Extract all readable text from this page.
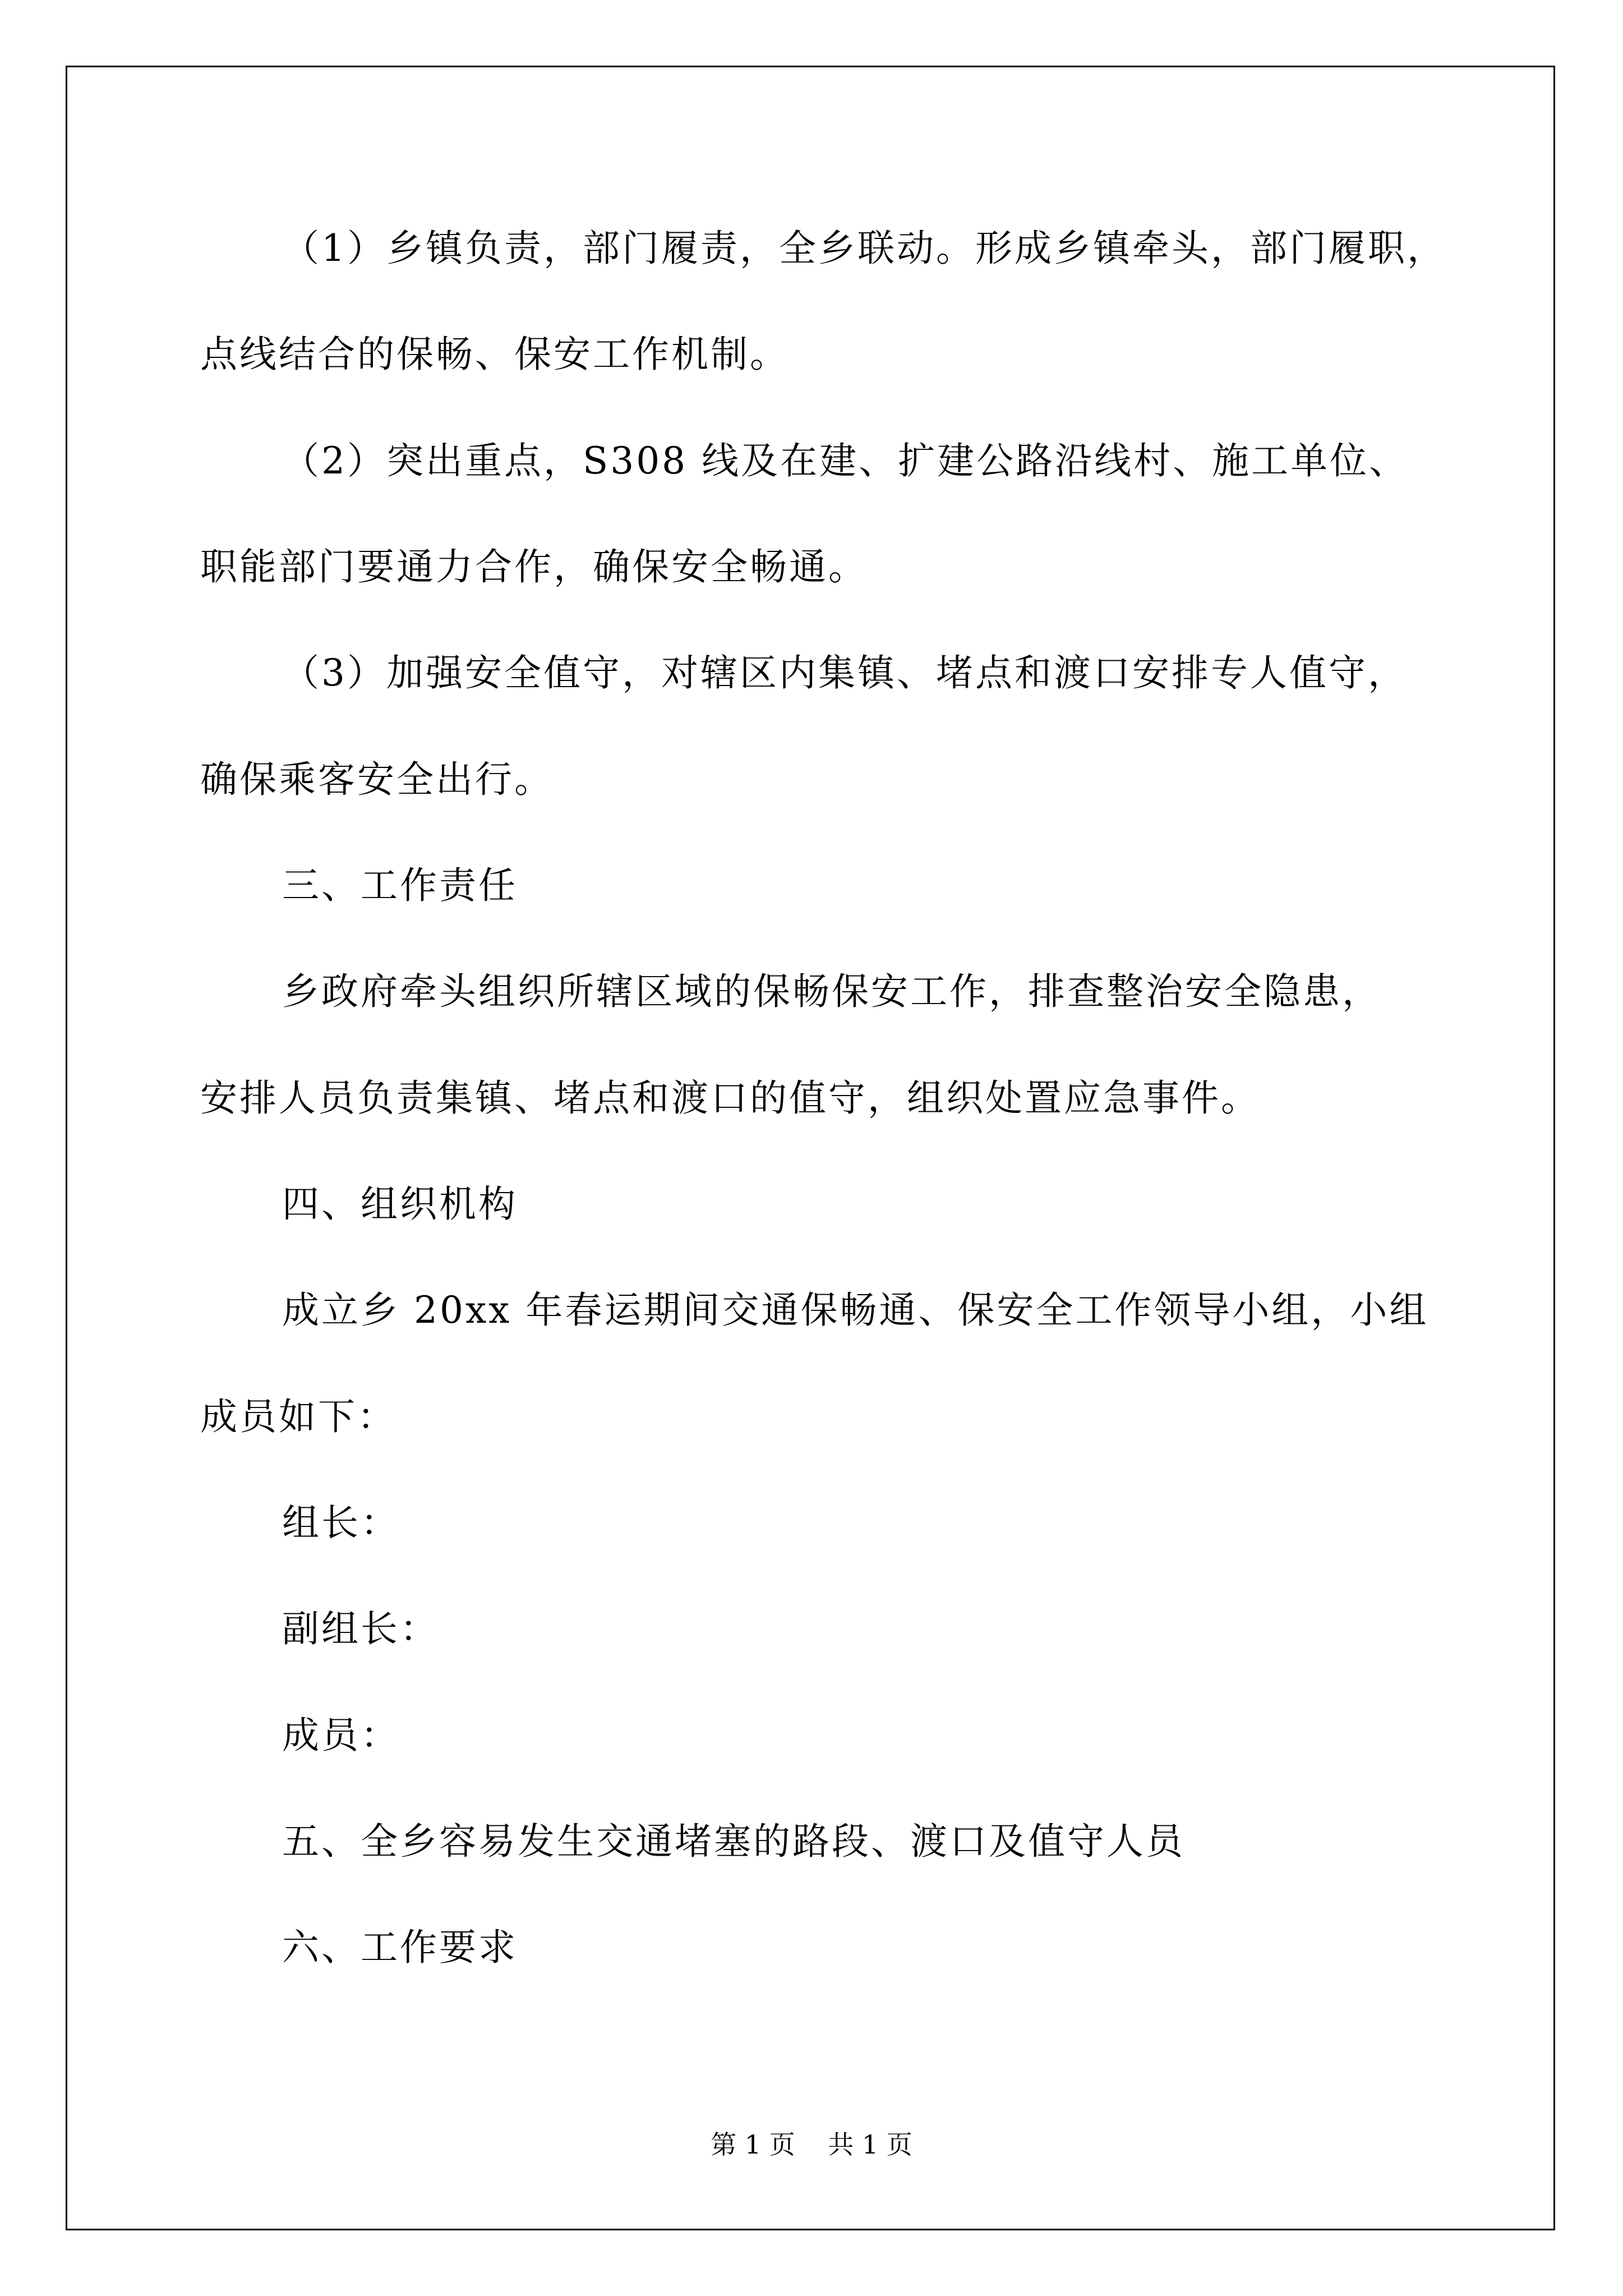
（1）乡镇负责，部门履责，全乡联动。形成乡镇牵头，部门履职，
点线结合的保畅、保安工作机制。
（2）突出重点，S308 线及在建、扩建公路沿线村、施工单位、
职能部门要通力合作，确保安全畅通。
（3）加强安全值守，对辖区内集镇、堵点和渡口安排专人值守，
确保乘客安全出行。
三、工作责任
乡政府牵头组织所辖区域的保畅保安工作，排查整治安全隐患，
安排人员负责集镇、堵点和渡口的值守，组织处置应急事件。
四、组织机构
成立乡 20xx 年春运期间交通保畅通、保安全工作领导小组，小组
成员如下：
组长：
副组长：
成员：
五、全乡容易发生交通堵塞的路段、渡口及值守人员
六、工作要求
第 1 页    共 1 页
